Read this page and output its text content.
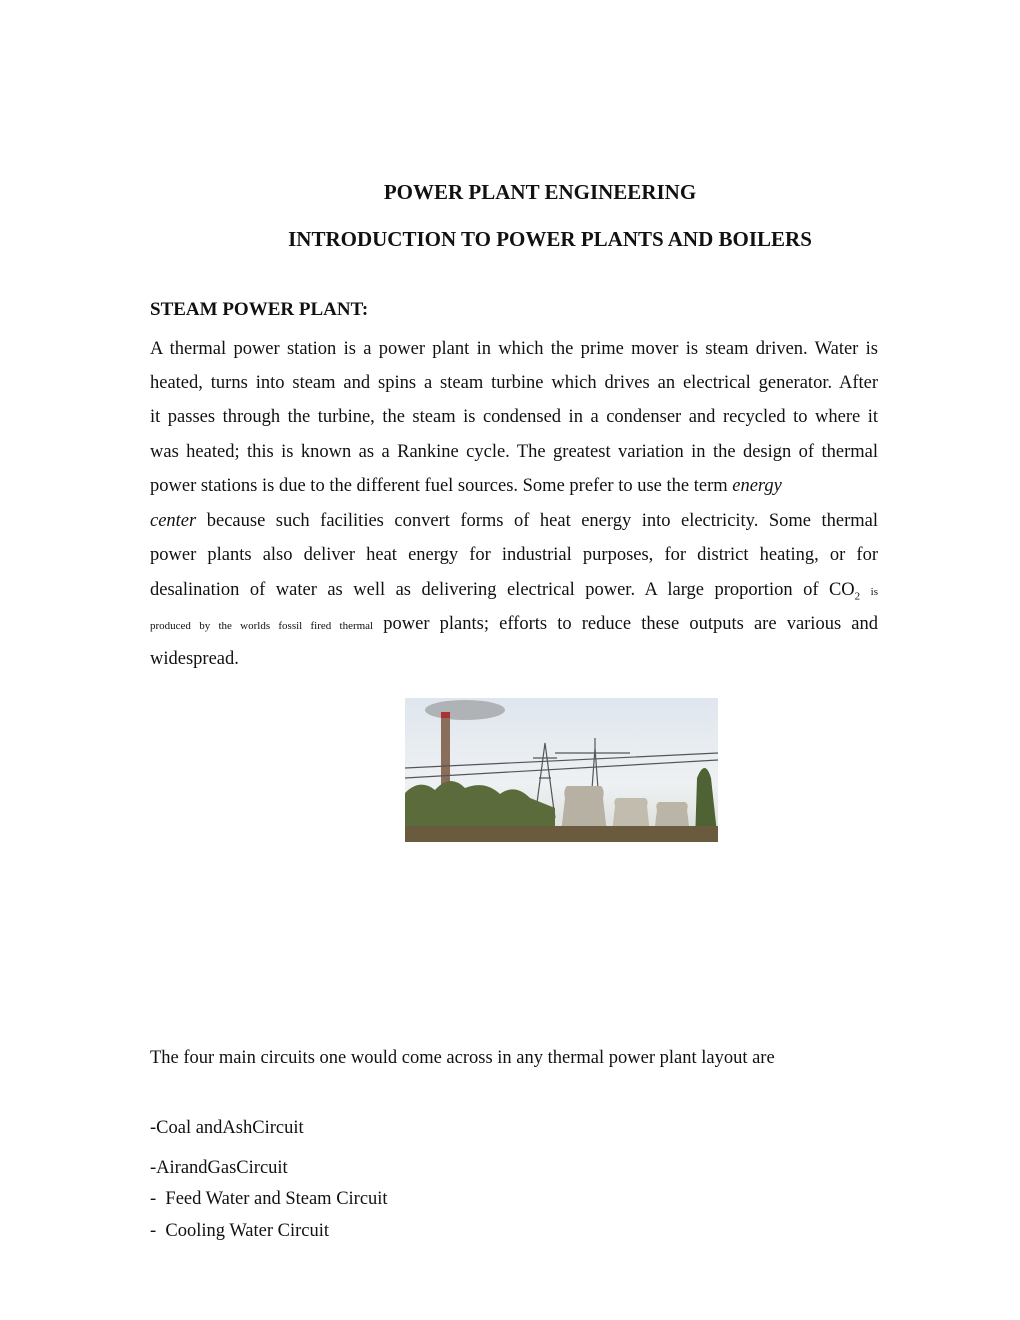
POWER PLANT ENGINEERING
INTRODUCTION TO POWER PLANTS AND BOILERS
STEAM POWER PLANT:
A thermal power station is a power plant in which the prime mover is steam driven. Water is
heated, turns into steam and spins a steam turbine which drives an electrical generator. After
it passes through the turbine, the steam is condensed in a condenser and recycled to where it
was heated; this is known as a Rankine cycle. The greatest variation in the design of thermal
power stations is due to the different fuel sources. Some prefer to use the term energy
center because such facilities convert forms of heat energy into electricity. Some thermal
power plants also deliver heat energy for industrial purposes, for district heating, or for
desalination of water as well as delivering electrical power. A large proportion of $CO_2$ is
produced by the worlds fossil fired thermal power plants; efforts to reduce these outputs are various and
widespread.
The four main circuits one would come across in any thermal power plant layout are
-Coal andAshCircuit
-AirandGasCircuit
-  Feed Water and Steam Circuit
-  Cooling Water Circuit
